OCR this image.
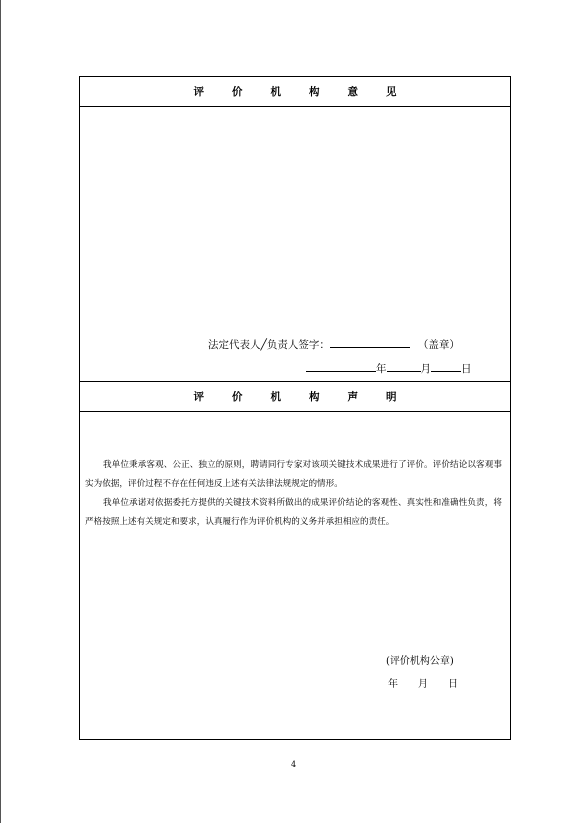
评	价	机	构	意	见
法定代表人╱负责人签字：	（盖章）
年	月	日
评	价	机	构	声	明

我单位秉承客观、公正、独立的原则，聘请同行专家对该项关键技术成果进行了评价。评价结论以客观事实为依据，评价过程不存在任何违反上述有关法律法规规定的情形。

我单位承诺对依据委托方提供的关键技术资料所做出的成果评价结论的客观性、真实性和准确性负责，将严格按照上述有关规定和要求，认真履行作为评价机构的义务并承担相应的责任。

(评价机构公章)
年　　月　　日
4
